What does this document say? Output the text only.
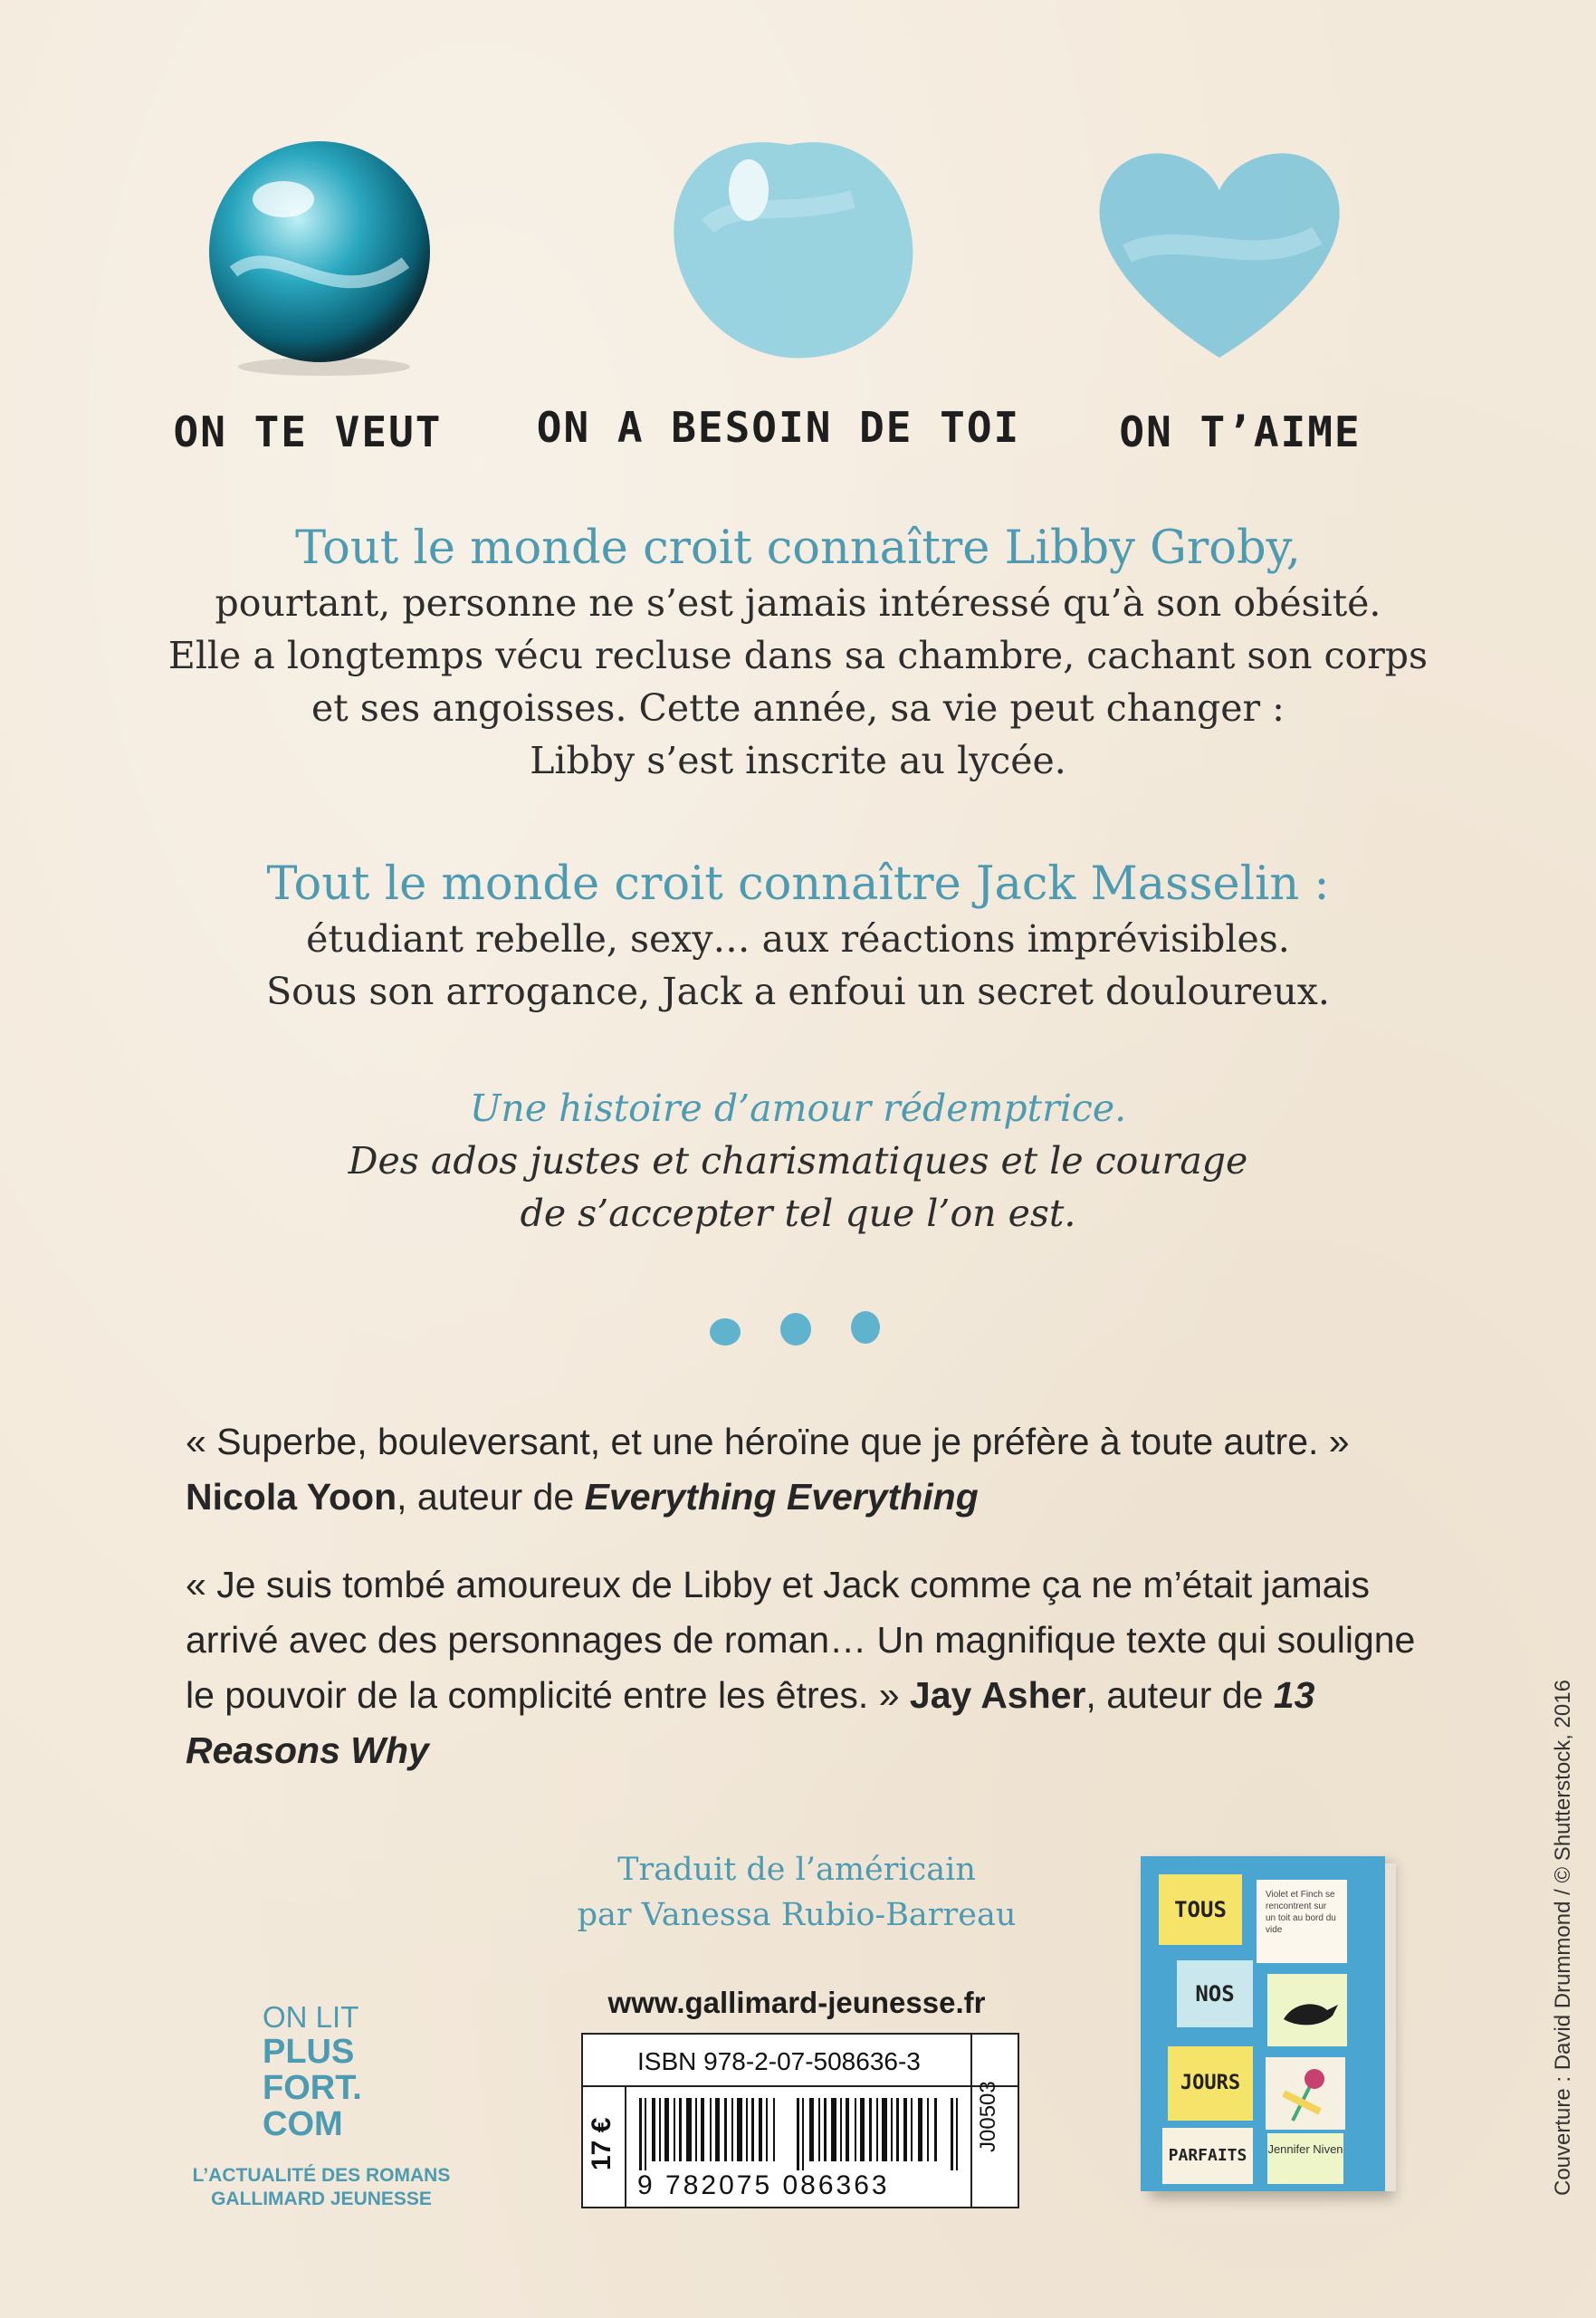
ON TE VEUT	ON A BESOIN DE TOI	ON T’AIME
Tout le monde croit connaître Libby Groby,
pourtant, personne ne s’est jamais intéressé qu’à son obésité.
Elle a longtemps vécu recluse dans sa chambre, cachant son corps
et ses angoisses. Cette année, sa vie peut changer :
Libby s’est inscrite au lycée.
Tout le monde croit connaître Jack Masselin :
étudiant rebelle, sexy… aux réactions imprévisibles.
Sous son arrogance, Jack a enfoui un secret douloureux.
Une histoire d’amour rédemptrice.
Des ados justes et charismatiques et le courage
de s’accepter tel que l’on est.
« Superbe, bouleversant, et une héroïne que je préfère à toute autre. » Nicola Yoon, auteur de Everything Everything
« Je suis tombé amoureux de Libby et Jack comme ça ne m’était jamais arrivé avec des personnages de roman… Un magnifique texte qui souligne le pouvoir de la complicité entre les êtres. » Jay Asher, auteur de 13 Reasons Why
Traduit de l’américain
par Vanessa Rubio-Barreau
www.gallimard-jeunesse.fr
ISBN 978-2-07-508636-3
17 €	J00503
9 782075 086363
ON LIT
PLUS
FORT.
COM
L’ACTUALITÉ DES ROMANS
GALLIMARD JEUNESSE
TOUS
Violet et Finch se rencontrent sur un toit au bord du vide
NOS
JOURS
PARFAITS	Jennifer Niven	Couverture : David Drummond / © Shutterstock, 2016
